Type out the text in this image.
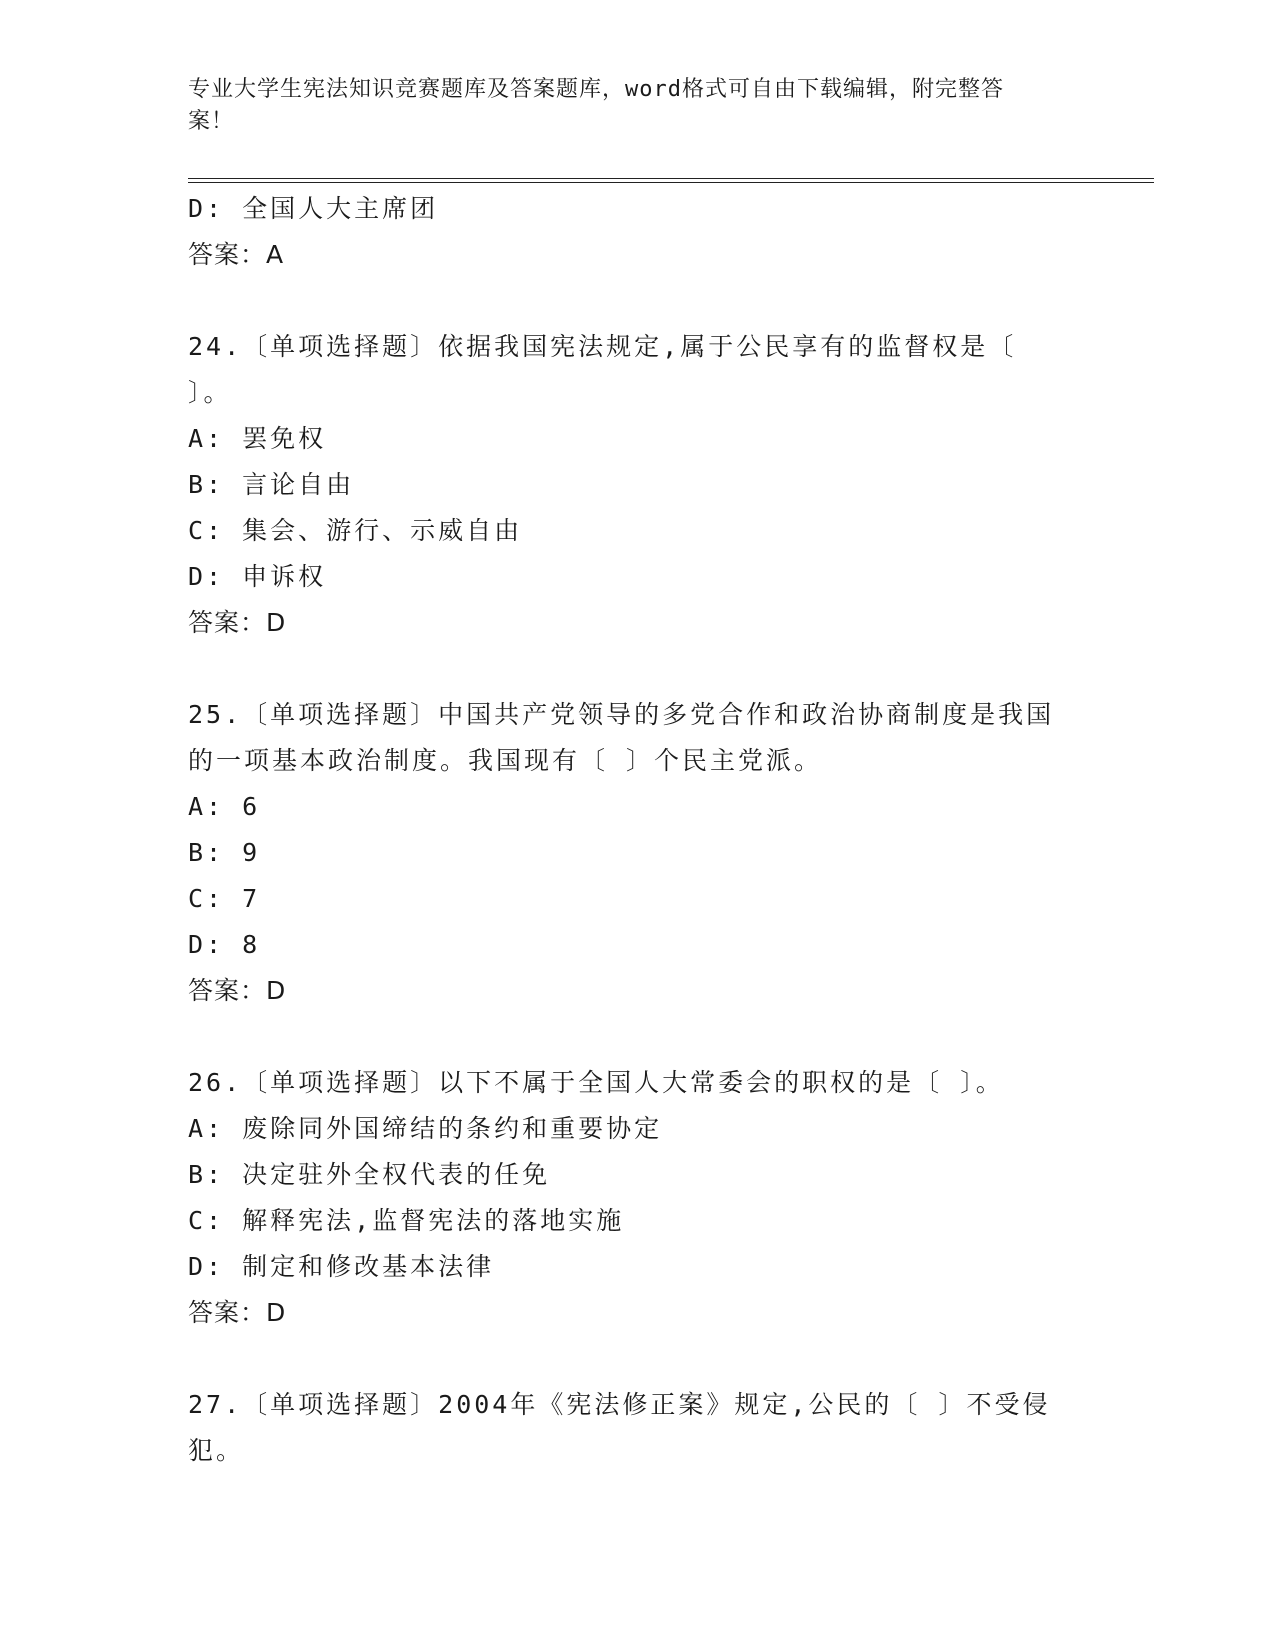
专业大学生宪法知识竞赛题库及答案题库，word格式可自由下载编辑，附完整答
案！
D: 全国人大主席团
答案：A
24.〔单项选择题〕依据我国宪法规定,属于公民享有的监督权是〔
〕。
A: 罢免权
B: 言论自由
C: 集会、游行、示威自由
D: 申诉权
答案：D
25.〔单项选择题〕中国共产党领导的多党合作和政治协商制度是我国
的一项基本政治制度。我国现有〔 〕个民主党派。
A: 6
B: 9
C: 7
D: 8
答案：D
26.〔单项选择题〕以下不属于全国人大常委会的职权的是〔 〕。
A: 废除同外国缔结的条约和重要协定
B: 决定驻外全权代表的任免
C: 解释宪法,监督宪法的落地实施
D: 制定和修改基本法律
答案：D
27.〔单项选择题〕2004年《宪法修正案》规定,公民的〔 〕不受侵
犯。
